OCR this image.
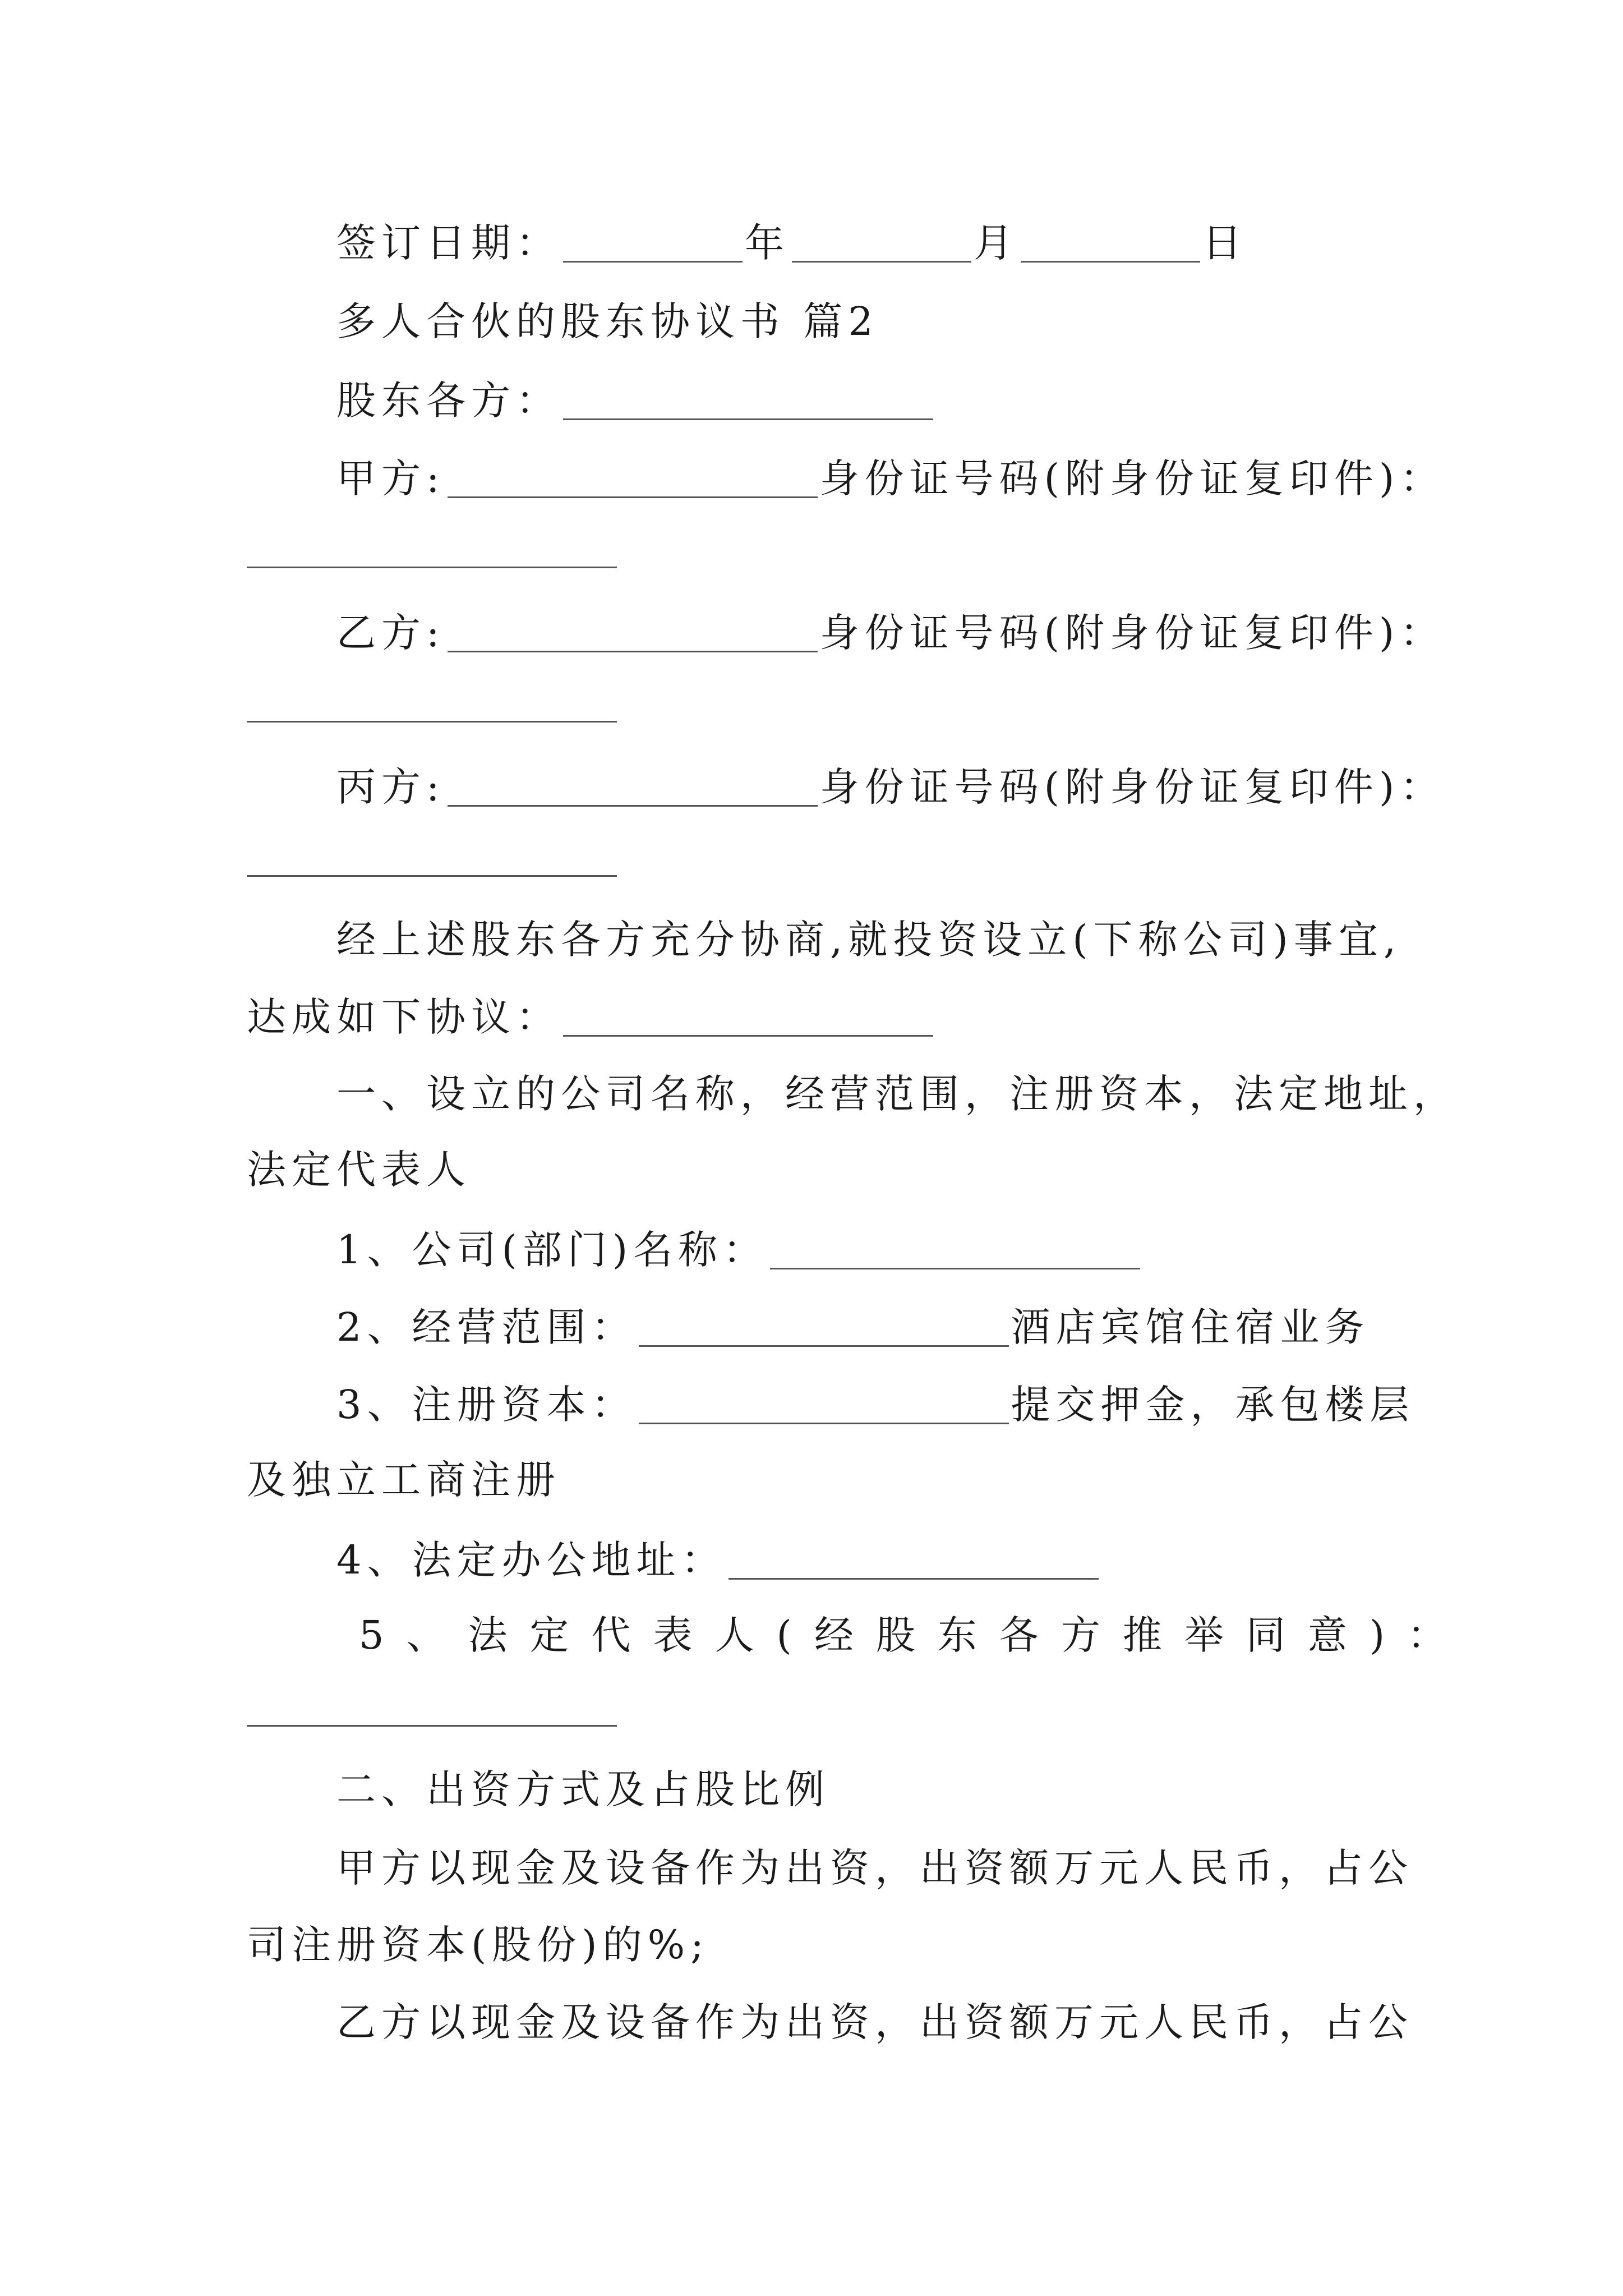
签订日期：	年	月	日
多人合伙的股东协议书 篇2
股东各方：
甲方:	身份证号码(附身份证复印件)：
乙方:	身份证号码(附身份证复印件)：
丙方:	身份证号码(附身份证复印件)：
经上述股东各方充分协商,就投资设立(下称公司)事宜,
达成如下协议：
一、设立的公司名称，经营范围，注册资本，法定地址，
法定代表人
1、公司(部门)名称：
2、经营范围：	酒店宾馆住宿业务
3、注册资本：	提交押金，承包楼层
及独立工商注册
4、法定办公地址：
5、法定代表人(经股东各方推举同意)：
二、出资方式及占股比例
甲方以现金及设备作为出资，出资额万元人民币，占公
司注册资本(股份)的%;
乙方以现金及设备作为出资，出资额万元人民币，占公
